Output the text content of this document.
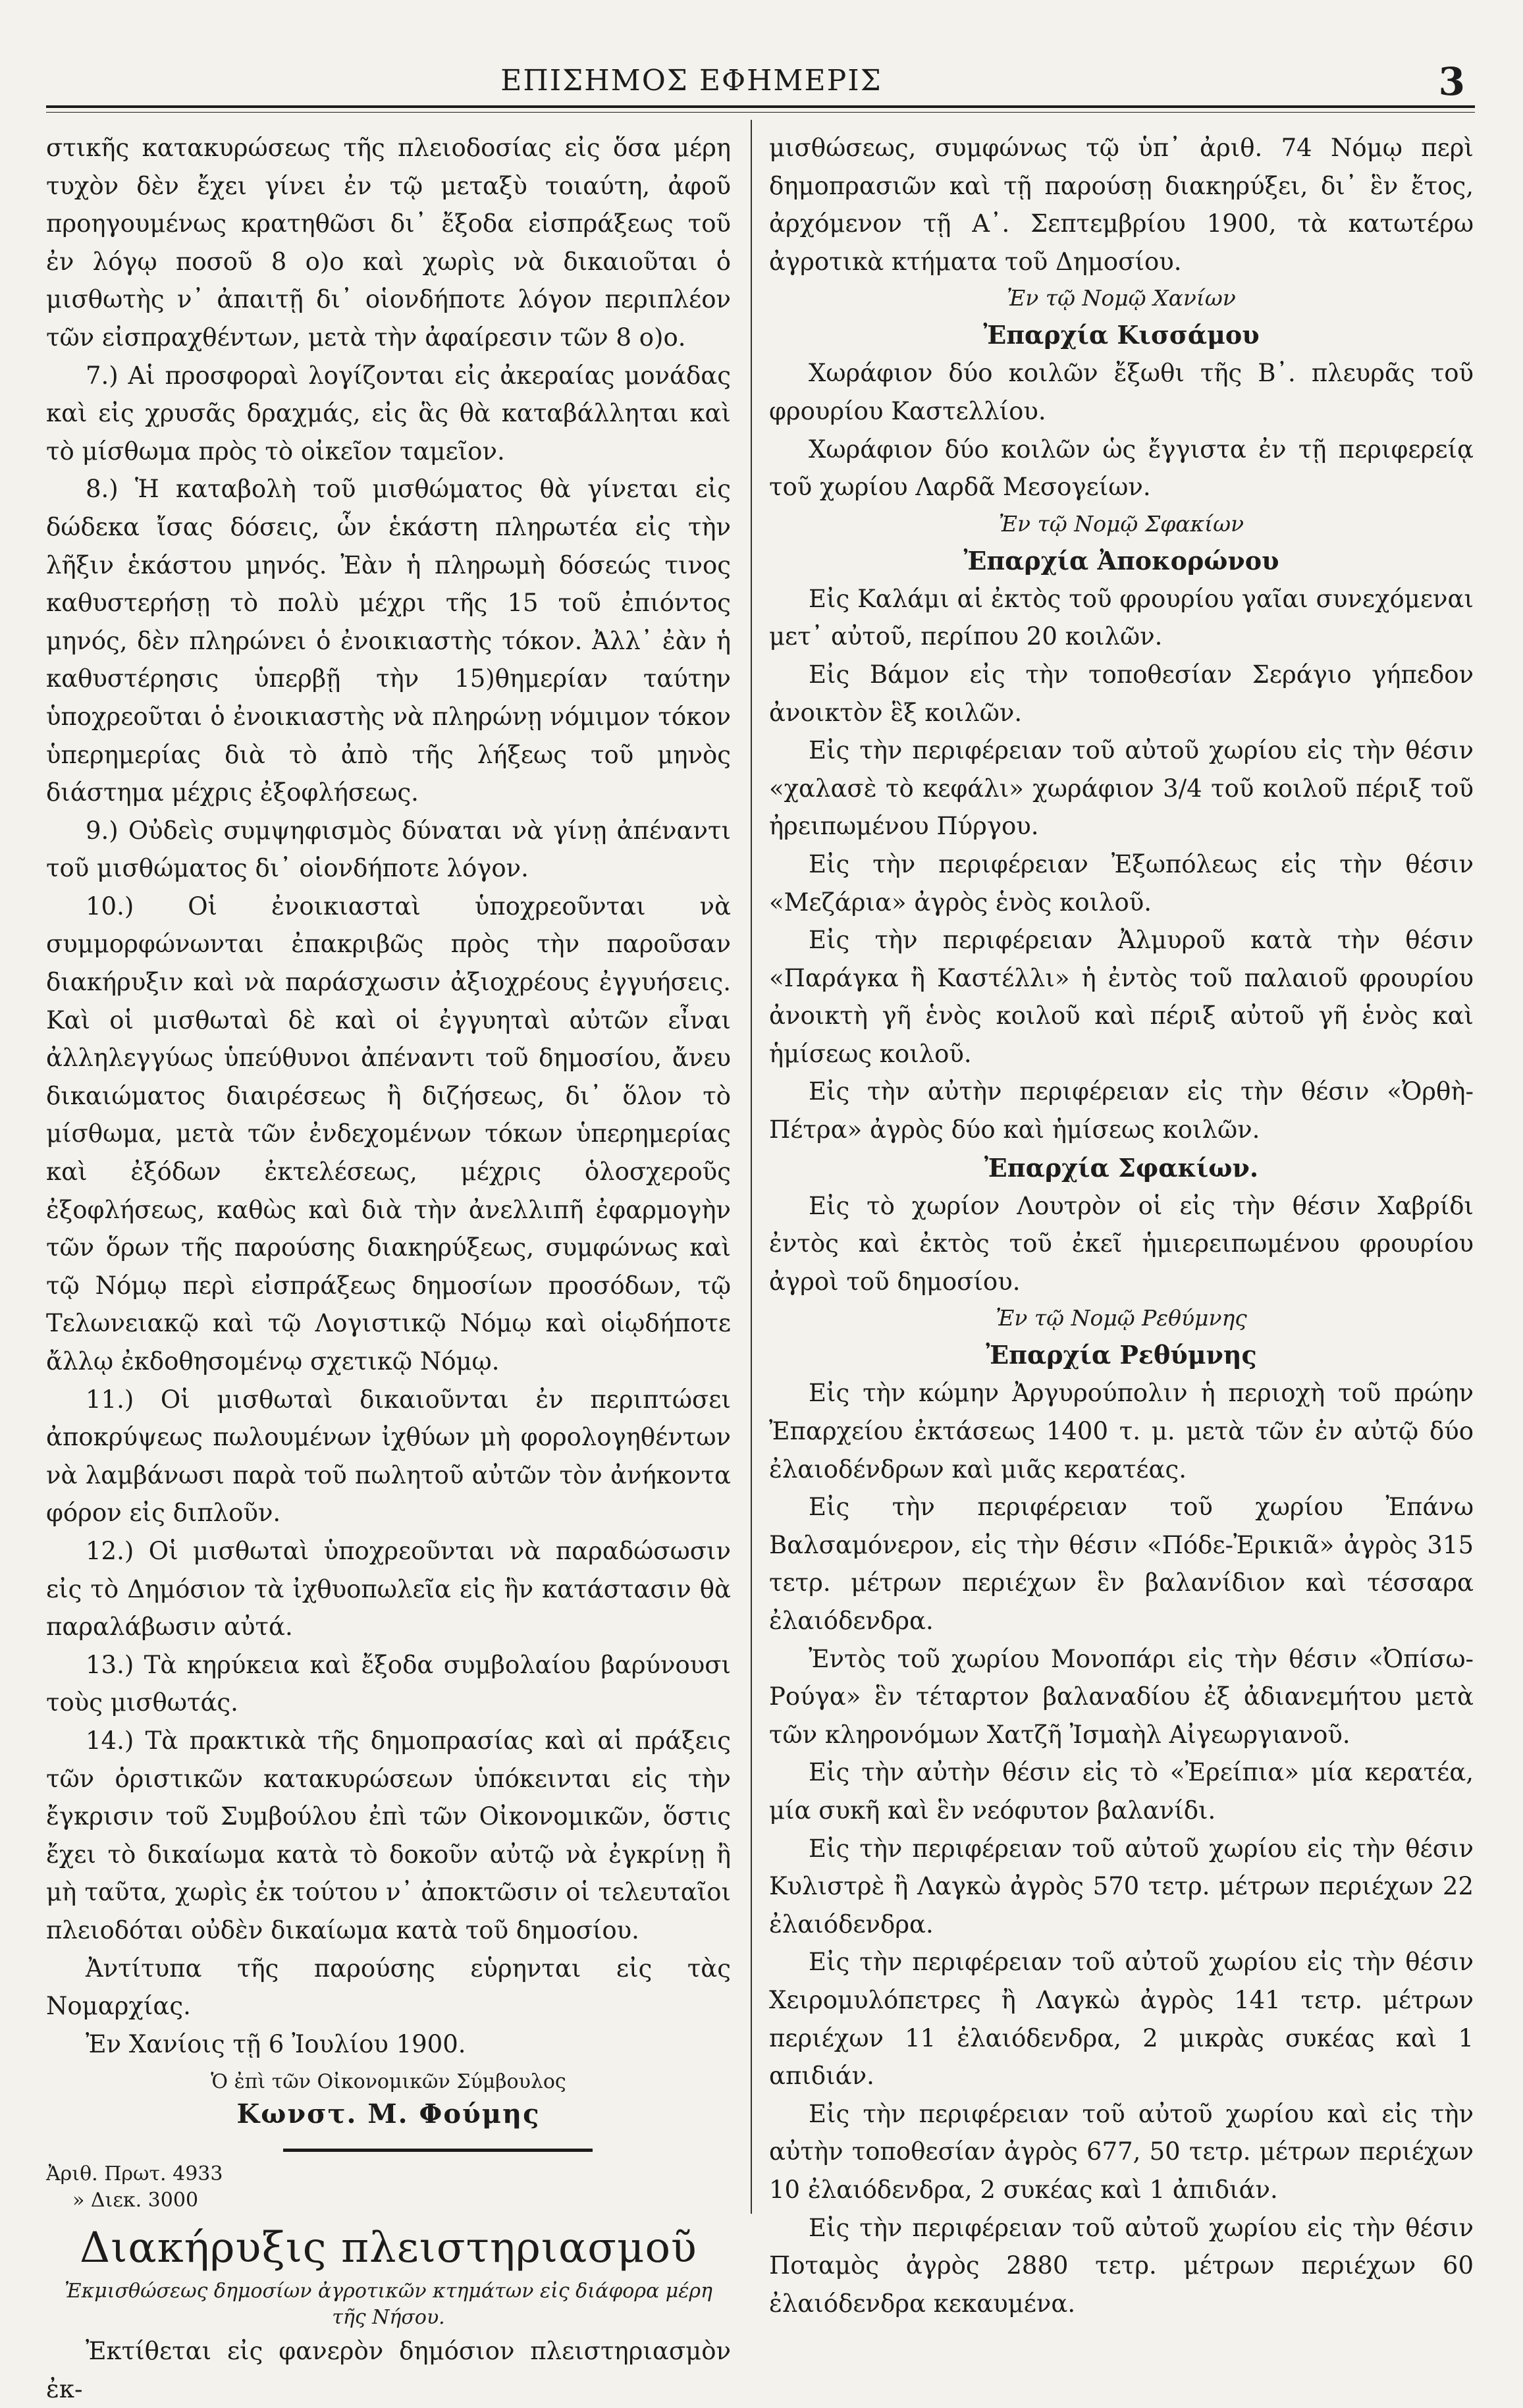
ΕΠΙΣΗΜΟΣ ΕΦΗΜΕΡΙΣ	3

στικῆς κατακυρώσεως τῆς πλειοδοσίας εἰς ὅσα μέρη τυχὸν δὲν ἔχει γίνει ἐν τῷ μεταξὺ τοιαύτη, ἀφοῦ προηγουμένως κρατηθῶσι δι᾽ ἔξοδα εἰσπράξεως τοῦ ἐν λόγῳ ποσοῦ 8 ο)ο καὶ χωρὶς νὰ δικαιοῦται ὁ μισθωτὴς ν᾽ ἀπαιτῇ δι᾽ οἱονδήποτε λόγον περιπλέον τῶν εἰσπραχθέντων, μετὰ τὴν ἀφαίρεσιν τῶν 8 ο)ο.

7.) Αἱ προσφοραὶ λογίζονται εἰς ἀκεραίας μονάδας καὶ εἰς χρυσᾶς δραχμάς, εἰς ἃς θὰ καταβάλληται καὶ τὸ μίσθωμα πρὸς τὸ οἰκεῖον ταμεῖον.

8.) Ἡ καταβολὴ τοῦ μισθώματος θὰ γίνεται εἰς δώδεκα ἴσας δόσεις, ὧν ἑκάστη πληρωτέα εἰς τὴν λῆξιν ἑκάστου μηνός. Ἐὰν ἡ πληρωμὴ δόσεώς τινος καθυστερήσῃ τὸ πολὺ μέχρι τῆς 15 τοῦ ἐπιόντος μηνός, δὲν πληρώνει ὁ ἐνοικιαστὴς τόκον. Ἀλλ᾽ ἐὰν ἡ καθυστέρησις ὑπερβῇ τὴν 15)θημερίαν ταύτην ὑποχρεοῦται ὁ ἐνοικιαστὴς νὰ πληρώνῃ νόμιμον τόκον ὑπερημερίας διὰ τὸ ἀπὸ τῆς λήξεως τοῦ μηνὸς διάστημα μέχρις ἐξοφλήσεως.

9.) Οὐδεὶς συμψηφισμὸς δύναται νὰ γίνῃ ἀπέναντι τοῦ μισθώματος δι᾽ οἱονδήποτε λόγον.

10.) Οἱ ἐνοικιασταὶ ὑποχρεοῦνται νὰ συμμορφώνωνται ἐπακριβῶς πρὸς τὴν παροῦσαν διακήρυξιν καὶ νὰ παράσχωσιν ἀξιοχρέους ἐγγυήσεις. Καὶ οἱ μισθωταὶ δὲ καὶ οἱ ἐγγυηταὶ αὐτῶν εἶναι ἀλληλεγγύως ὑπεύθυνοι ἀπέναντι τοῦ δημοσίου, ἄνευ δικαιώματος διαιρέσεως ἢ διζήσεως, δι᾽ ὅλον τὸ μίσθωμα, μετὰ τῶν ἐνδεχομένων τόκων ὑπερημερίας καὶ ἐξόδων ἐκτελέσεως, μέχρις ὁλοσχεροῦς ἐξοφλήσεως, καθὼς καὶ διὰ τὴν ἀνελλιπῆ ἐφαρμογὴν τῶν ὅρων τῆς παρούσης διακηρύξεως, συμφώνως καὶ τῷ Νόμῳ περὶ εἰσπράξεως δημοσίων προσόδων, τῷ Τελωνειακῷ καὶ τῷ Λογιστικῷ Νόμῳ καὶ οἱῳδήποτε ἄλλῳ ἐκδοθησομένῳ σχετικῷ Νόμῳ.

11.) Οἱ μισθωταὶ δικαιοῦνται ἐν περιπτώσει ἀποκρύψεως πωλουμένων ἰχθύων μὴ φορολογηθέντων νὰ λαμβάνωσι παρὰ τοῦ πωλητοῦ αὐτῶν τὸν ἀνήκοντα φόρον εἰς διπλοῦν.

12.) Οἱ μισθωταὶ ὑποχρεοῦνται νὰ παραδώσωσιν εἰς τὸ Δημόσιον τὰ ἰχθυοπωλεῖα εἰς ἣν κατάστασιν θὰ παραλάβωσιν αὐτά.

13.) Τὰ κηρύκεια καὶ ἔξοδα συμβολαίου βαρύνουσι τοὺς μισθωτάς.

14.) Τὰ πρακτικὰ τῆς δημοπρασίας καὶ αἱ πράξεις τῶν ὁριστικῶν κατακυρώσεων ὑπόκεινται εἰς τὴν ἔγκρισιν τοῦ Συμβούλου ἐπὶ τῶν Οἰκονομικῶν, ὅστις ἔχει τὸ δικαίωμα κατὰ τὸ δοκοῦν αὐτῷ νὰ ἐγκρίνῃ ἢ μὴ ταῦτα, χωρὶς ἐκ τούτου ν᾽ ἀποκτῶσιν οἱ τελευταῖοι πλειοδόται οὐδὲν δικαίωμα κατὰ τοῦ δημοσίου.

Ἀντίτυπα τῆς παρούσης εὑρηνται εἰς τὰς Νομαρχίας.

Ἐν Χανίοις τῇ 6 Ἰουλίου 1900.

Ὁ ἐπὶ τῶν Οἰκονομικῶν Σύμβουλος

Κωνστ. Μ. Φούμης

Ἀριθ. Πρωτ. 4933

» Διεκ. 3000

Διακήρυξις πλειστηριασμοῦ

Ἐκμισθώσεως δημοσίων ἀγροτικῶν κτημάτων εἰς διάφορα μέρη τῆς Νήσου.

Ἐκτίθεται εἰς φανερὸν δημόσιον πλειστηριασμὸν ἐκ-

μισθώσεως, συμφώνως τῷ ὑπ᾽ ἀριθ. 74 Νόμῳ περὶ δημοπρασιῶν καὶ τῇ παρούσῃ διακηρύξει, δι᾽ ἓν ἔτος, ἀρχόμενον τῇ Α᾽. Σεπτεμβρίου 1900, τὰ κατωτέρω ἀγροτικὰ κτήματα τοῦ Δημοσίου.

Ἐν τῷ Νομῷ Χανίων

Ἐπαρχία Κισσάμου

Χωράφιον δύο κοιλῶν ἔξωθι τῆς Β᾽. πλευρᾶς τοῦ φρουρίου Καστελλίου.

Χωράφιον δύο κοιλῶν ὡς ἔγγιστα ἐν τῇ περιφερείᾳ τοῦ χωρίου Λαρδᾶ Μεσογείων.

Ἐν τῷ Νομῷ Σφακίων

Ἐπαρχία Ἀποκορώνου

Εἰς Καλάμι αἱ ἐκτὸς τοῦ φρουρίου γαῖαι συνεχόμεναι μετ᾽ αὐτοῦ, περίπου 20 κοιλῶν.

Εἰς Βάμον εἰς τὴν τοποθεσίαν Σεράγιο γήπεδον ἀνοικτὸν ἓξ κοιλῶν.

Εἰς τὴν περιφέρειαν τοῦ αὐτοῦ χωρίου εἰς τὴν θέσιν «χαλασὲ τὸ κεφάλι» χωράφιον 3/4 τοῦ κοιλοῦ πέριξ τοῦ ἠρειπωμένου Πύργου.

Εἰς τὴν περιφέρειαν Ἐξωπόλεως εἰς τὴν θέσιν «Μεζάρια» ἀγρὸς ἑνὸς κοιλοῦ.

Εἰς τὴν περιφέρειαν Ἀλμυροῦ κατὰ τὴν θέσιν «Παράγκα ἢ Καστέλλι» ἡ ἐντὸς τοῦ παλαιοῦ φρουρίου ἀνοικτὴ γῆ ἑνὸς κοιλοῦ καὶ πέριξ αὐτοῦ γῆ ἑνὸς καὶ ἡμίσεως κοιλοῦ.

Εἰς τὴν αὐτὴν περιφέρειαν εἰς τὴν θέσιν «Ὀρθὴ-Πέτρα» ἀγρὸς δύο καὶ ἡμίσεως κοιλῶν.

Ἐπαρχία Σφακίων.

Εἰς τὸ χωρίον Λουτρὸν οἱ εἰς τὴν θέσιν Χαβρίδι ἐντὸς καὶ ἐκτὸς τοῦ ἐκεῖ ἡμιερειπωμένου φρουρίου ἀγροὶ τοῦ δημοσίου.

Ἐν τῷ Νομῷ Ρεθύμνης

Ἐπαρχία Ρεθύμνης

Εἰς τὴν κώμην Ἀργυρούπολιν ἡ περιοχὴ τοῦ πρώην Ἐπαρχείου ἐκτάσεως 1400 τ. μ. μετὰ τῶν ἐν αὐτῷ δύο ἐλαιοδένδρων καὶ μιᾶς κερατέας.

Εἰς τὴν περιφέρειαν τοῦ χωρίου Ἐπάνω Βαλσαμόνερον, εἰς τὴν θέσιν «Πόδε-Ἐρικιᾶ» ἀγρὸς 315 τετρ. μέτρων περιέχων ἓν βαλανίδιον καὶ τέσσαρα ἐλαιόδενδρα.

Ἐντὸς τοῦ χωρίου Μονοπάρι εἰς τὴν θέσιν «Ὀπίσω-Ρούγα» ἓν τέταρτον βαλαναδίου ἐξ ἀδιανεμήτου μετὰ τῶν κληρονόμων Χατζῆ Ἰσμαὴλ Αἰγεωργιανοῦ.

Εἰς τὴν αὐτὴν θέσιν εἰς τὸ «Ἐρείπια» μία κερατέα, μία συκῆ καὶ ἓν νεόφυτον βαλανίδι.

Εἰς τὴν περιφέρειαν τοῦ αὐτοῦ χωρίου εἰς τὴν θέσιν Κυλιστρὲ ἢ Λαγκὼ ἀγρὸς 570 τετρ. μέτρων περιέχων 22 ἐλαιόδενδρα.

Εἰς τὴν περιφέρειαν τοῦ αὐτοῦ χωρίου εἰς τὴν θέσιν Χειρομυλόπετρες ἢ Λαγκὼ ἀγρὸς 141 τετρ. μέτρων περιέχων 11 ἐλαιόδενδρα, 2 μικρὰς συκέας καὶ 1 απιδιάν.

Εἰς τὴν περιφέρειαν τοῦ αὐτοῦ χωρίου καὶ εἰς τὴν αὐτὴν τοποθεσίαν ἀγρὸς 677, 50 τετρ. μέτρων περιέχων 10 ἐλαιόδενδρα, 2 συκέας καὶ 1 ἀπιδιάν.

Εἰς τὴν περιφέρειαν τοῦ αὐτοῦ χωρίου εἰς τὴν θέσιν Ποταμὸς ἀγρὸς 2880 τετρ. μέτρων περιέχων 60 ἐλαιόδενδρα κεκαυμένα.
